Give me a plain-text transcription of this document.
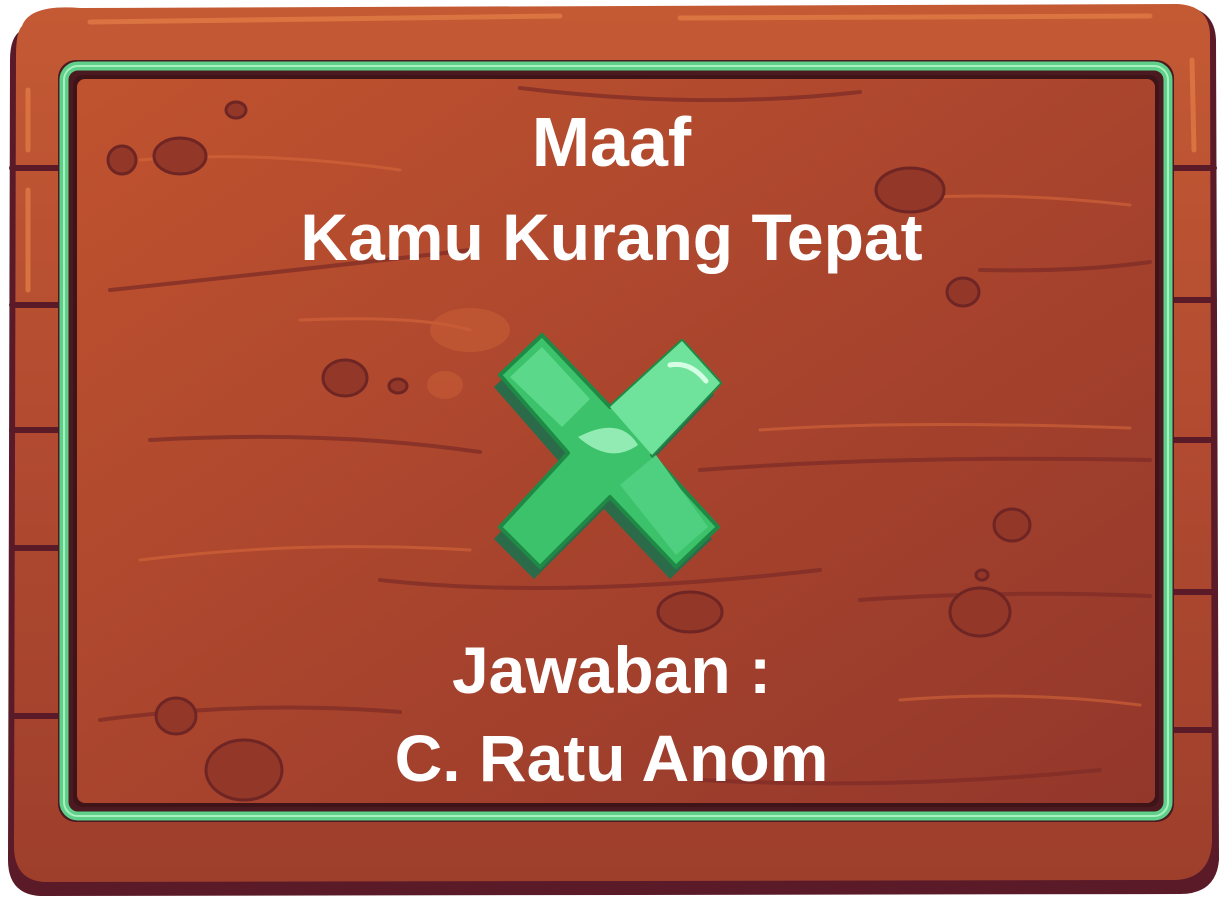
Maaf
Kamu Kurang Tepat
Jawaban :
C. Ratu Anom
